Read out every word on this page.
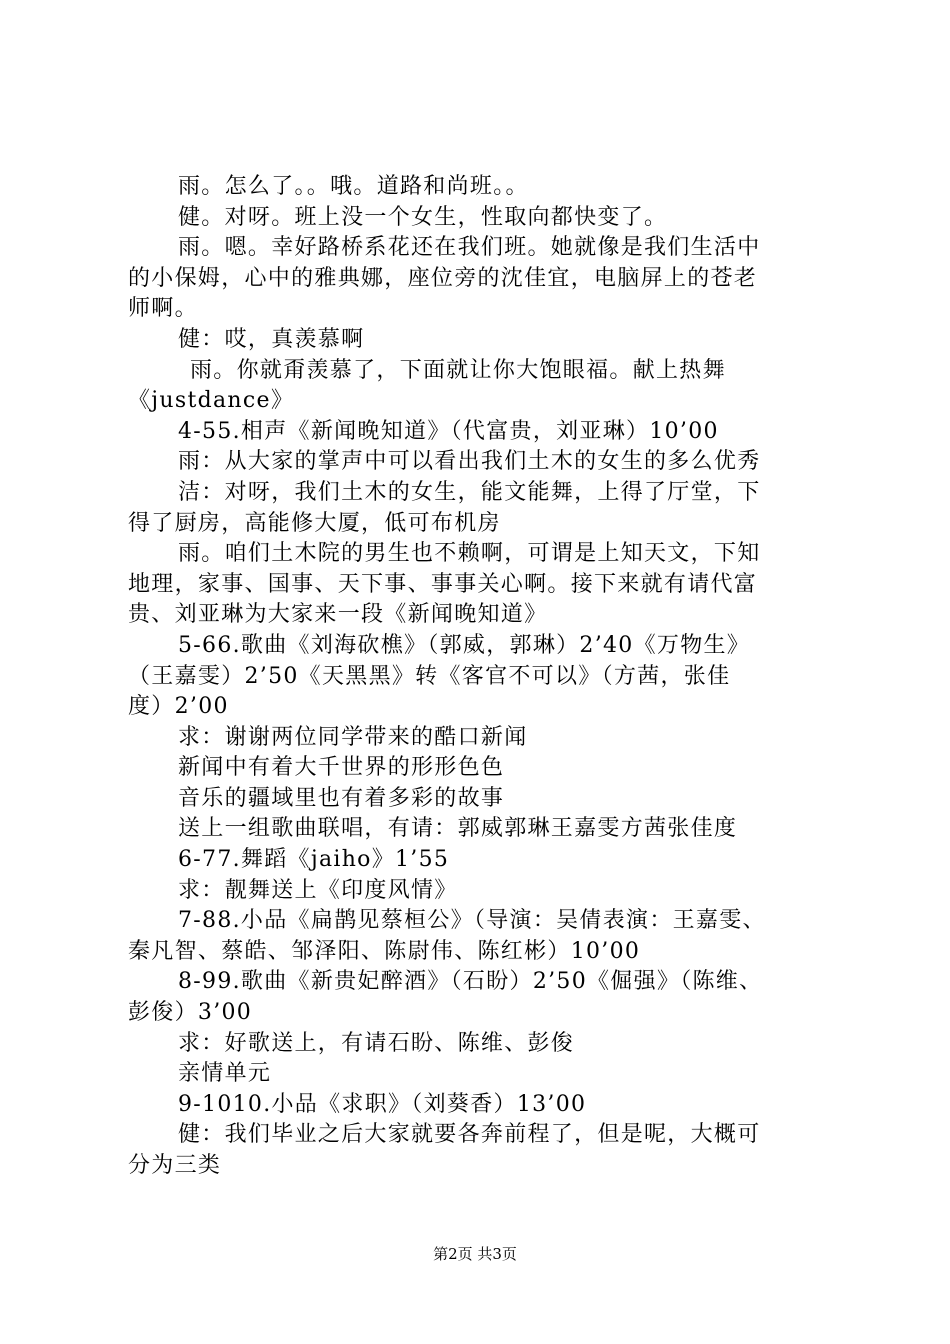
雨。怎么了。。哦。道路和尚班。。
健。对呀。班上没一个女生，性取向都快变了。
雨。嗯。幸好路桥系花还在我们班。她就像是我们生活中
的小保姆，心中的雅典娜，座位旁的沈佳宜，电脑屏上的苍老
师啊。
健：哎，真羡慕啊
雨。你就甭羡慕了，下面就让你大饱眼福。献上热舞
《justdance》
4-55.相声《新闻晚知道》（代富贵，刘亚琳）10’00
雨：从大家的掌声中可以看出我们土木的女生的多么优秀
洁：对呀，我们土木的女生，能文能舞，上得了厅堂，下
得了厨房，高能修大厦，低可布机房
雨。咱们土木院的男生也不赖啊，可谓是上知天文，下知
地理，家事、国事、天下事、事事关心啊。接下来就有请代富
贵、刘亚琳为大家来一段《新闻晚知道》
5-66.歌曲《刘海砍樵》（郭威，郭琳）2’40《万物生》
（王嘉雯）2’50《天黑黑》转《客官不可以》（方茜，张佳
度）2’00
求：谢谢两位同学带来的酷口新闻
新闻中有着大千世界的形形色色
音乐的疆域里也有着多彩的故事
送上一组歌曲联唱，有请：郭威郭琳王嘉雯方茜张佳度
6-77.舞蹈《jaiho》1’55
求：靓舞送上《印度风情》
7-88.小品《扁鹊见蔡桓公》（导演：吴倩表演：王嘉雯、
秦凡智、蔡皓、邹泽阳、陈尉伟、陈红彬）10’00
8-99.歌曲《新贵妃醉酒》（石盼）2’50《倔强》（陈维、
彭俊）3’00
求：好歌送上，有请石盼、陈维、彭俊
亲情单元
9-1010.小品《求职》（刘葵香）13’00
健：我们毕业之后大家就要各奔前程了，但是呢，大概可
分为三类
第2页 共3页
